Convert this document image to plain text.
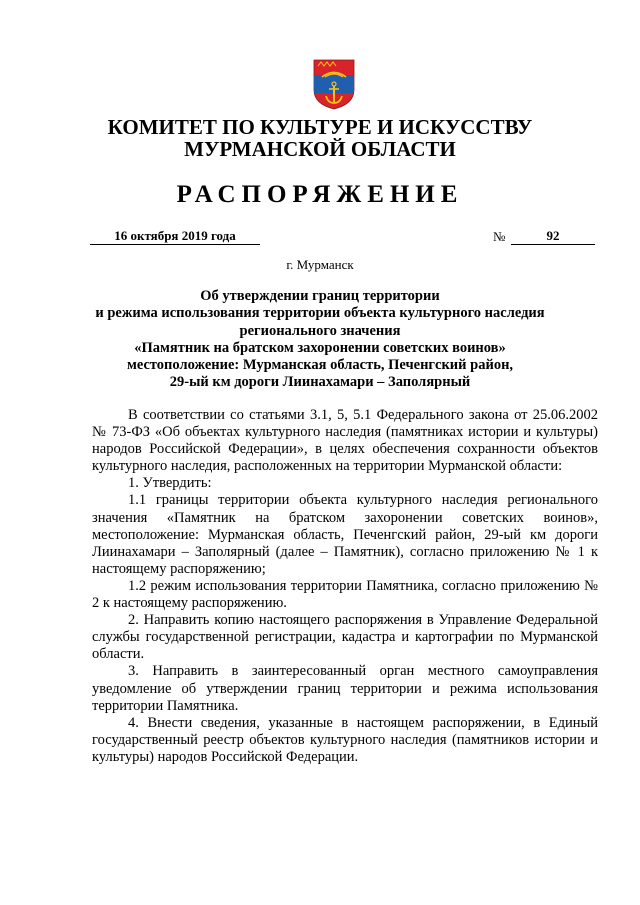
КОМИТЕТ ПО КУЛЬТУРЕ И ИСКУССТВУ
МУРМАНСКОЙ ОБЛАСТИ
РАСПОРЯЖЕНИЕ
16 октября 2019 года	№	92
г. Мурманск
Об утверждении границ территории
и режима использования территории объекта культурного наследия
регионального значения
«Памятник на братском захоронении советских воинов»
местоположение: Мурманская область, Печенгский район,
29-ый км дороги Лиинахамари – Заполярный

В соответствии со статьями 3.1, 5, 5.1 Федерального закона от 25.06.2002 № 73-ФЗ «Об объектах культурного наследия (памятниках истории и культуры) народов Российской Федерации», в целях обеспечения сохранности объектов культурного наследия, расположенных на территории Мурманской области:

1. Утвердить:

1.1 границы территории объекта культурного наследия регионального значения «Памятник на братском захоронении советских воинов», местоположение: Мурманская область, Печенгский район, 29-ый км дороги Лиинахамари – Заполярный (далее – Памятник), согласно приложению № 1 к настоящему распоряжению;

1.2 режим использования территории Памятника, согласно приложению № 2 к настоящему распоряжению.

2. Направить копию настоящего распоряжения в Управление Федеральной службы государственной регистрации, кадастра и картографии по Мурманской области.

3. Направить в заинтересованный орган местного самоуправления уведомление об утверждении границ территории и режима использования территории Памятника.

4. Внести сведения, указанные в настоящем распоряжении, в Единый государственный реестр объектов культурного наследия (памятников истории и культуры) народов Российской Федерации.
